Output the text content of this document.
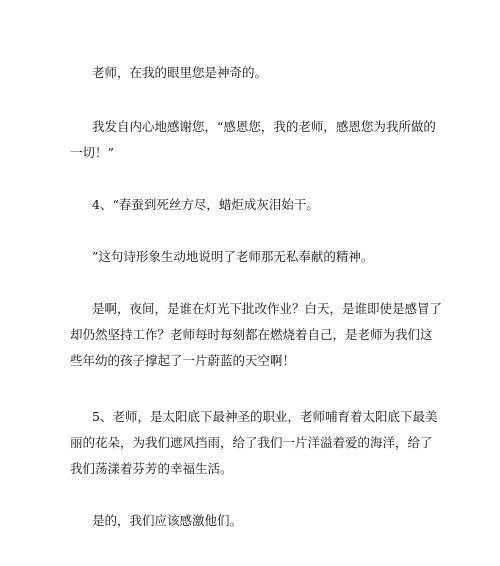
老师，在我的眼里您是神奇的。

我发自内心地感谢您，“感恩您，我的老师，感恩您为我所做的
一切！”

4、“春蚕到死丝方尽，蜡炬成灰泪始干。

”这句诗形象生动地说明了老师那无私奉献的精神。

是啊，夜间，是谁在灯光下批改作业？白天，是谁即使是感冒了
却仍然坚持工作？老师每时每刻都在燃烧着自己，是老师为我们这
些年幼的孩子撑起了一片蔚蓝的天空啊！

5、老师，是太阳底下最神圣的职业，老师哺育着太阳底下最美
丽的花朵，为我们遮风挡雨，给了我们一片洋溢着爱的海洋，给了
我们荡漾着芬芳的幸福生活。

是的，我们应该感激他们。
